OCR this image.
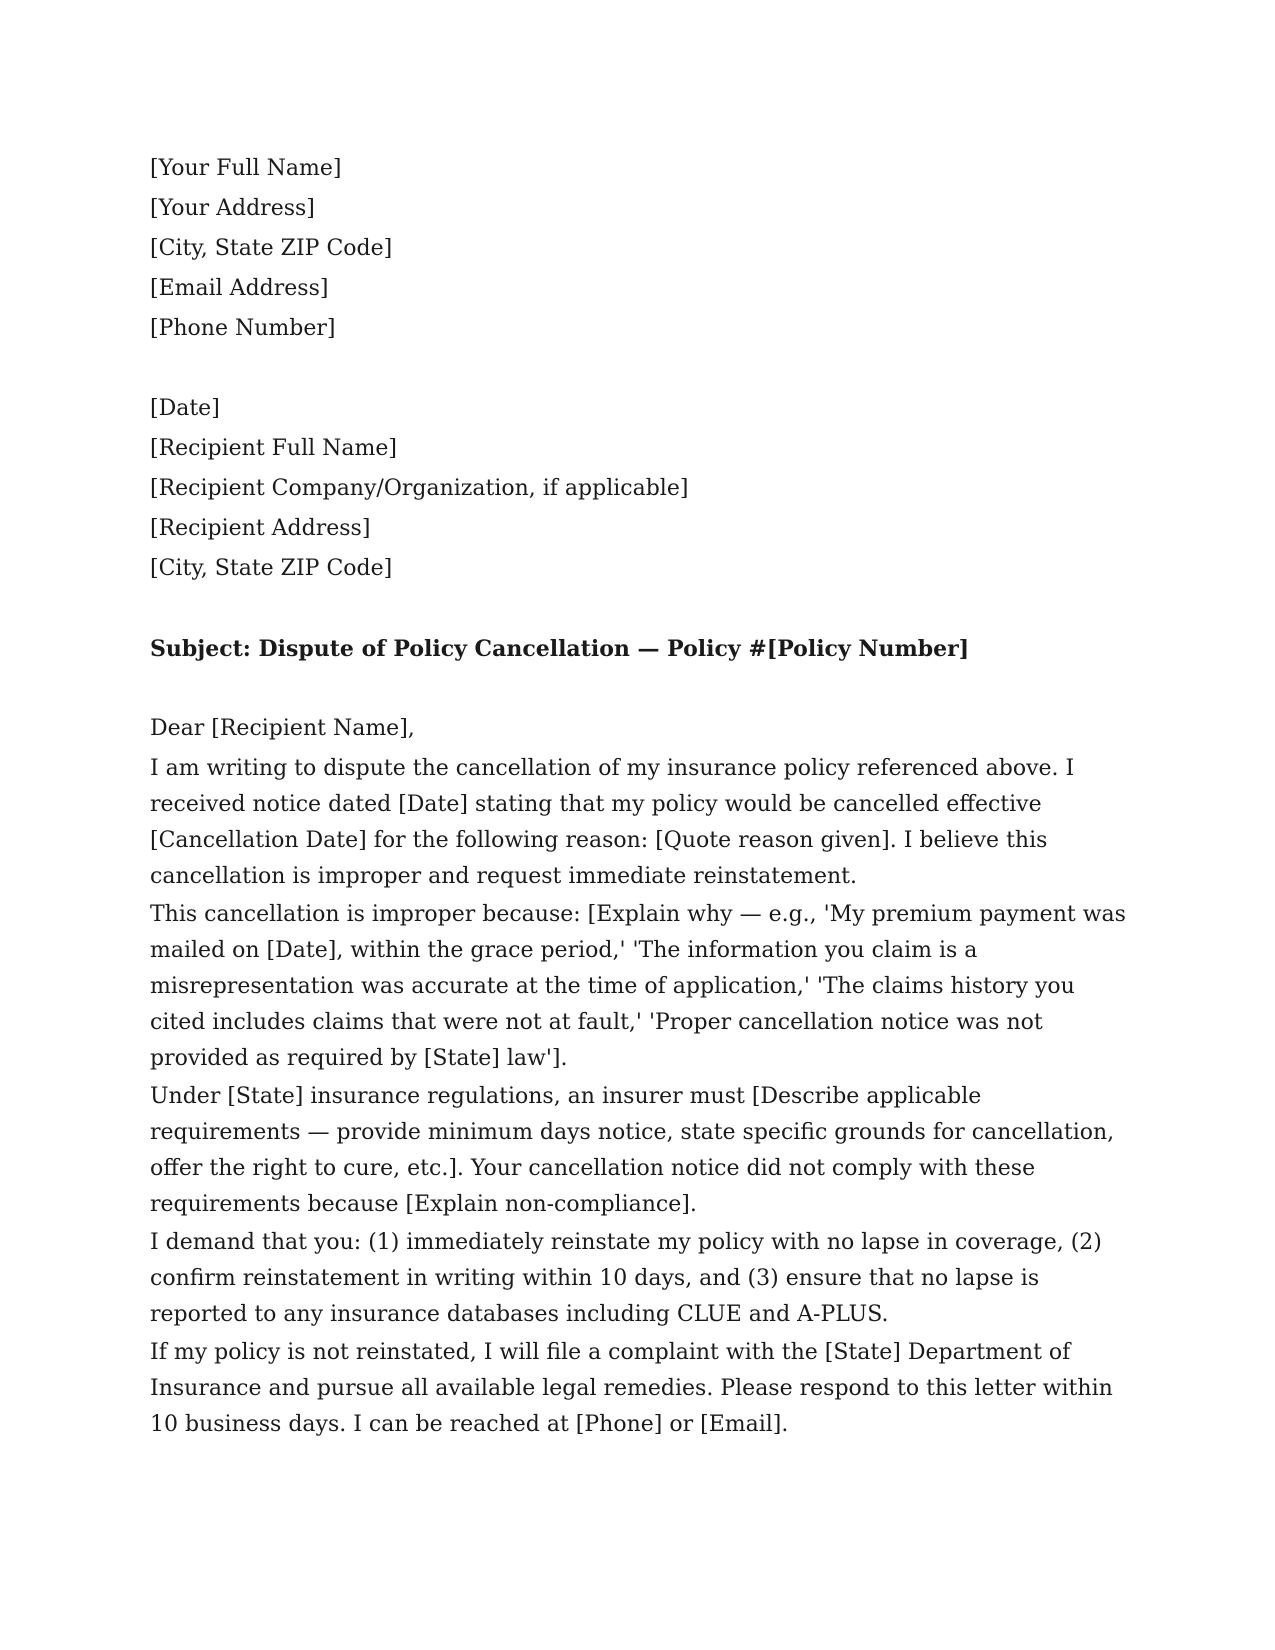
[Your Full Name]

[Your Address]

[City, State ZIP Code]

[Email Address]

[Phone Number]

[Date]

[Recipient Full Name]

[Recipient Company/Organization, if applicable]

[Recipient Address]

[City, State ZIP Code]

Subject: Dispute of Policy Cancellation — Policy #[Policy Number]

Dear [Recipient Name],

I am writing to dispute the cancellation of my insurance policy referenced above. I received notice dated [Date] stating that my policy would be cancelled effective [Cancellation Date] for the following reason: [Quote reason given]. I believe this cancellation is improper and request immediate reinstatement.

This cancellation is improper because: [Explain why — e.g., 'My premium payment was mailed on [Date], within the grace period,' 'The information you claim is a misrepresentation was accurate at the time of application,' 'The claims history you cited includes claims that were not at fault,' 'Proper cancellation notice was not provided as required by [State] law'].

Under [State] insurance regulations, an insurer must [Describe applicable requirements — provide minimum days notice, state specific grounds for cancellation, offer the right to cure, etc.]. Your cancellation notice did not comply with these requirements because [Explain non-compliance].

I demand that you: (1) immediately reinstate my policy with no lapse in coverage, (2) confirm reinstatement in writing within 10 days, and (3) ensure that no lapse is reported to any insurance databases including CLUE and A-PLUS.

If my policy is not reinstated, I will file a complaint with the [State] Department of Insurance and pursue all available legal remedies. Please respond to this letter within 10 business days. I can be reached at [Phone] or [Email].
